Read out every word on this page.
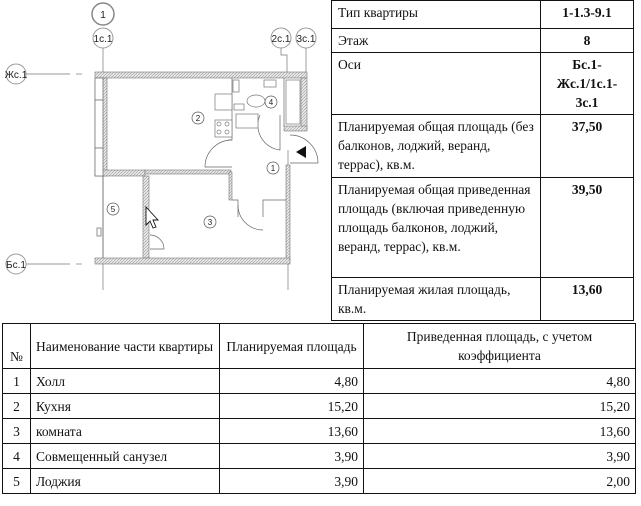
1
1с.1	2с.1 3с.1
Жс.1
Бс.1
1
2
3
4
5
Тип квартиры	1-1.3-9.1
Этаж	8
Оси	Бс.1-Жс.1/1с.1-3с.1
Планируемая общая площадь (без балконов, лоджий, веранд, террас), кв.м.	37,50
Планируемая общая приведенная площадь (включая приведенную площадь балконов, лоджий, веранд, террас), кв.м.	39,50
Планируемая жилая площадь, кв.м.	13,60
№	Наименование части квартиры	Планируемая площадь	Приведенная площадь, с учетом коэффициента
1	Холл	4,80	4,80
2	Кухня	15,20	15,20
3	комната	13,60	13,60
4	Совмещенный санузел	3,90	3,90
5	Лоджия	3,90	2,00
